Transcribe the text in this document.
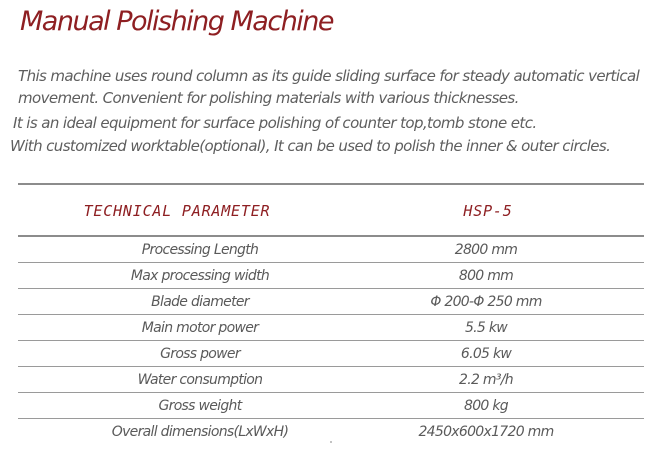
Manual Polishing Machine

This machine uses round column as its guide sliding surface for steady automatic vertical

movement. Convenient for polishing materials with various thicknesses.

It is an ideal equipment for surface polishing of counter top,tomb stone etc.

With customized worktable(optional), It can be used to polish the inner & outer circles.

TECHNICAL PARAMETER	HSP-5
Processing Length	2800 mm
Max processing width	800 mm
Blade diameter	Φ 200-Φ 250 mm
Main motor power	5.5 kw
Gross power	6.05 kw
Water consumption	2.2 m³/h
Gross weight	800 kg
Overall dimensions(LxWxH)	2450x600x1720 mm
